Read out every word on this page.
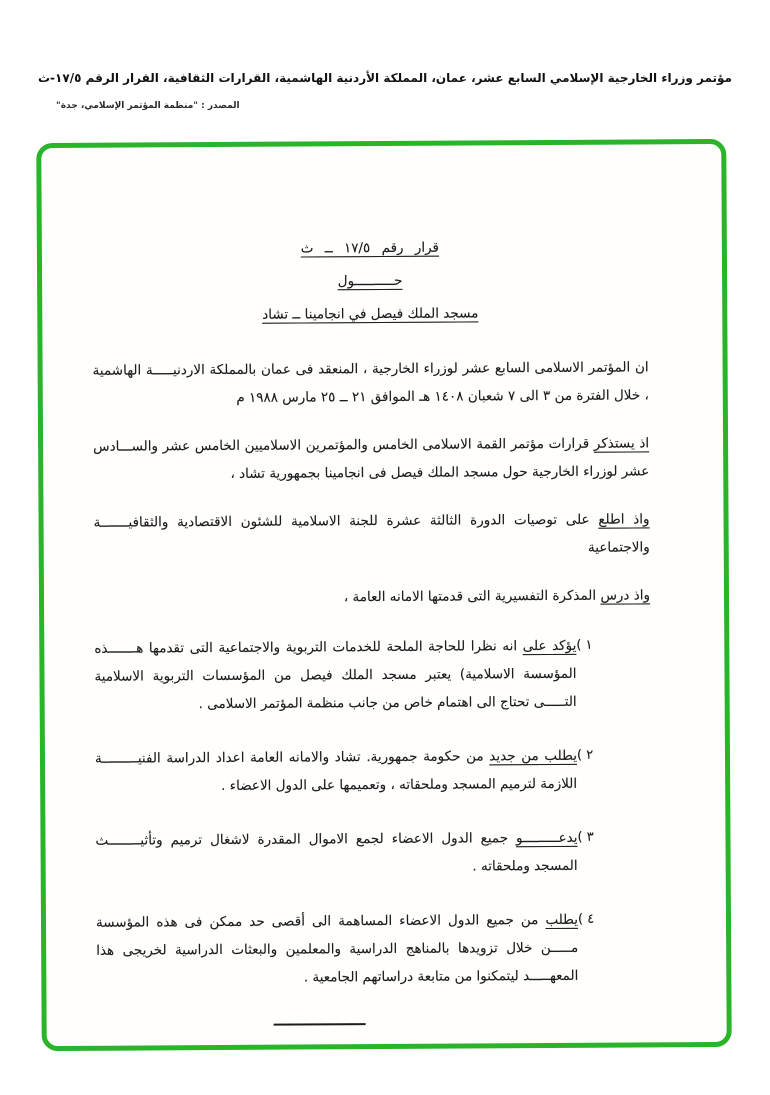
مؤتمر وزراء الخارجية الإسلامي السابع عشر، عمان، المملكة الأردنية الهاشمية، القرارات الثقافية، القرار الرقم ١٧/٥-ث
المصدر : "منظمة المؤتمر الإسلامي، جدة"
قرار رقم ١٧/٥ ــ ث
حــــــــــول
مسجد الملك فيصل في انجامينا ــ تشاد

ان المؤتمر الاسلامى السابع عشر لوزراء الخارجية ، المنعقد فى عمان بالمملكة الاردنيـــــة الهاشمية ، خلال الفترة من ٣ الى ٧ شعبان ١٤٠٨ هـ الموافق ٢١ ــ ٢٥ مارس ١٩٨٨ م

اذ يستذكر قرارات مؤتمر القمة الاسلامى الخامس والمؤتمرين الاسلاميين الخامس عشر والســـادس عشر لوزراء الخارجية حول مسجد الملك فيصل فى انجامينا بجمهورية تشاد ،

واذ اطلع على توصيات الدورة الثالثة عشرة للجنة الاسلامية للشئون الاقتصادية والثقافيـــــــة والاجتماعية

واذ درس المذكرة التفسيرية التى قدمتها الامانه العامة ،

( ١

يؤكد على انه نظرا للحاجة الملحة للخدمات التربوية والاجتماعية التى تقدمها هـــــــذه المؤسسة الاسلامية) يعتبر مسجد الملك فيصل من المؤسسات التربوية الاسلامية التـــــى تحتاج الى اهتمام خاص من جانب منظمة المؤتمر الاسلامى .

( ٢

يطلب من جديد من حكومة جمهورية. تشاد والامانه العامة اعداد الدراسة الفنيـــــــــة اللازمة لترميم المسجد وملحقاته ، وتعميمها على الدول الاعضاء .

( ٣

يدعـــــــــو جميع الدول الاعضاء لجمع الاموال المقدرة لاشغال ترميم وتأثيــــــــث المسجد وملحقاته .

( ٤

يطلب من جميع الدول الاعضاء المساهمة الى أقصى حد ممكن فى هذه المؤسسة مـــــن خلال تزويدها بالمناهج الدراسية والمعلمين والبعثات الدراسية لخريجى هذا المعهـــــد ليتمكنوا من متابعة دراساتهم الجامعية .
